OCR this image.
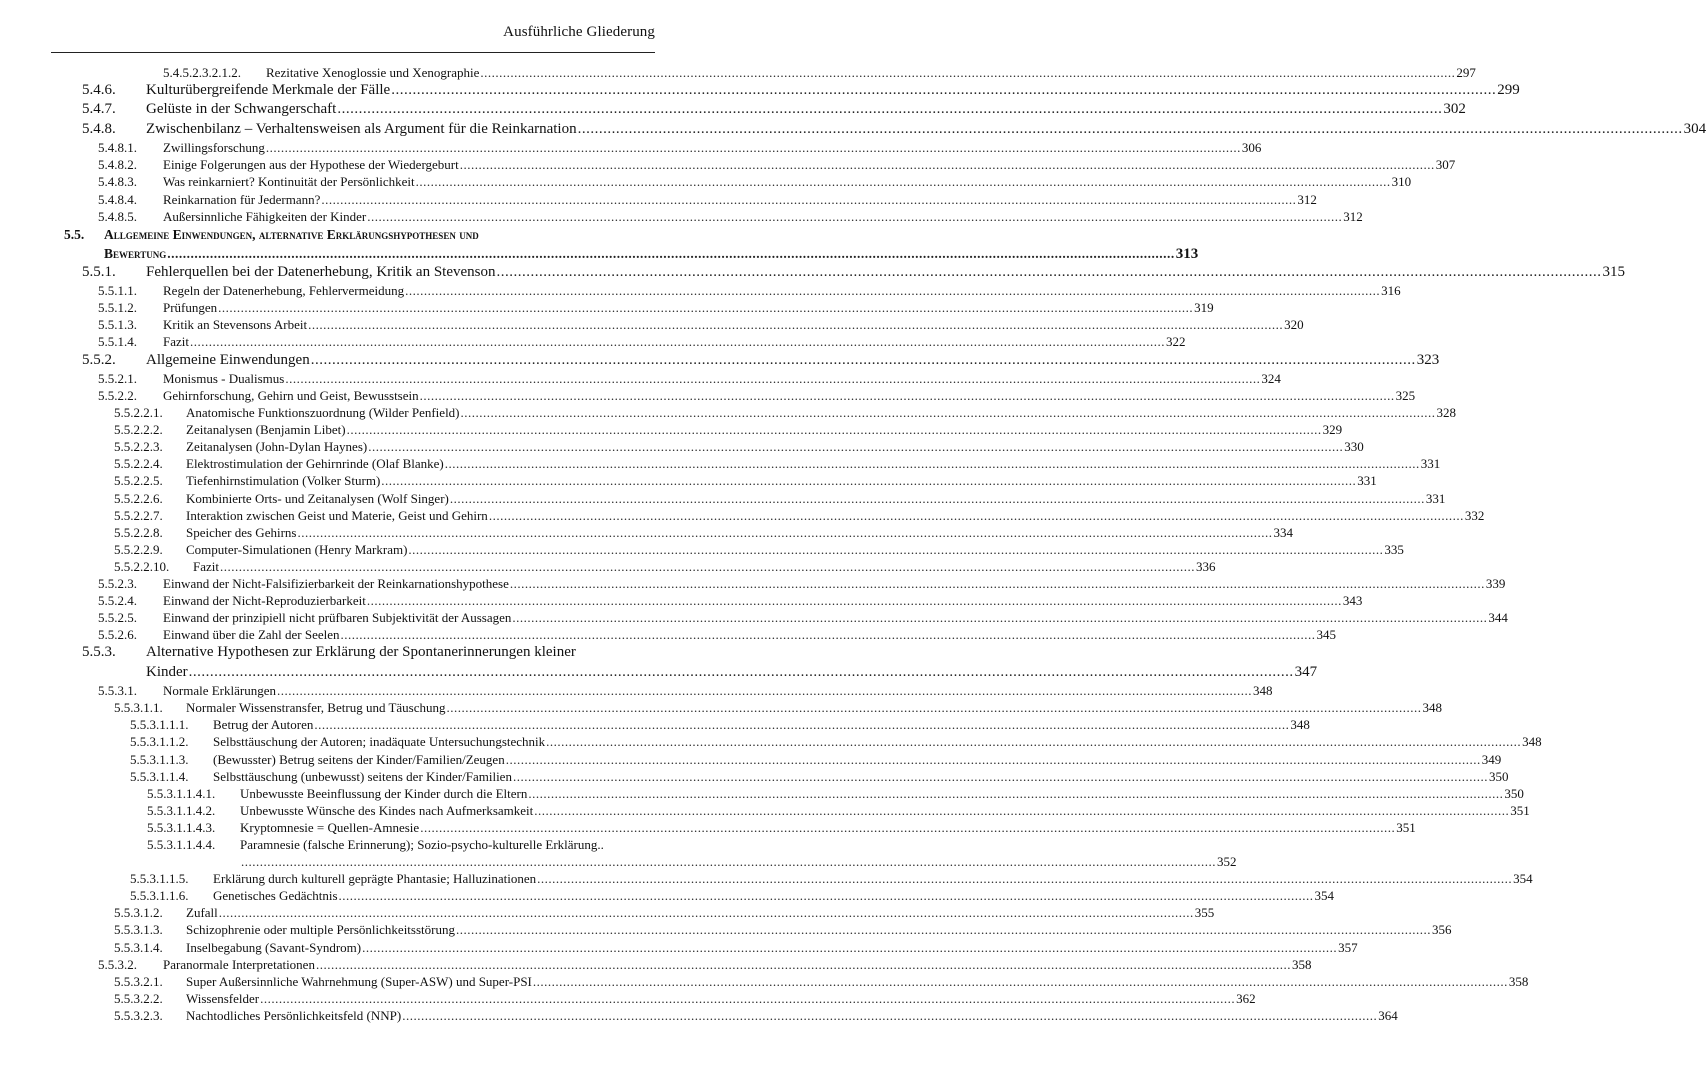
Ausführliche Gliederung
5.4.5.2.3.2.1.2. Rezitative Xenoglossie und Xenographie .................................................................................................................................................................................................................................................................... 297
5.4.6. Kulturübergreifende Merkmale der Fälle .................................................................................................................................................................................................................................................................... 299
5.4.7. Gelüste in der Schwangerschaft .................................................................................................................................................................................................................................................................... 302
5.4.8. Zwischenbilanz – Verhaltensweisen als Argument für die Reinkarnation .................................................................................................................................................................................................................................................................... 304
5.4.8.1. Zwillingsforschung .................................................................................................................................................................................................................................................................... 306
5.4.8.2. Einige Folgerungen aus der Hypothese der Wiedergeburt .................................................................................................................................................................................................................................................................... 307
5.4.8.3. Was reinkarniert? Kontinuität der Persönlichkeit .................................................................................................................................................................................................................................................................... 310
5.4.8.4. Reinkarnation für Jedermann? .................................................................................................................................................................................................................................................................... 312
5.4.8.5. Außersinnliche Fähigkeiten der Kinder .................................................................................................................................................................................................................................................................... 312
5.5. Allgemeine Einwendungen, alternative Erklärungshypothesen und
Bewertung .................................................................................................................................................................................................................................................................... 313
5.5.1. Fehlerquellen bei der Datenerhebung, Kritik an Stevenson .................................................................................................................................................................................................................................................................... 315
5.5.1.1. Regeln der Datenerhebung, Fehlervermeidung .................................................................................................................................................................................................................................................................... 316
5.5.1.2. Prüfungen .................................................................................................................................................................................................................................................................... 319
5.5.1.3. Kritik an Stevensons Arbeit .................................................................................................................................................................................................................................................................... 320
5.5.1.4. Fazit .................................................................................................................................................................................................................................................................... 322
5.5.2. Allgemeine Einwendungen .................................................................................................................................................................................................................................................................... 323
5.5.2.1. Monismus - Dualismus .................................................................................................................................................................................................................................................................... 324
5.5.2.2. Gehirnforschung, Gehirn und Geist, Bewusstsein .................................................................................................................................................................................................................................................................... 325
5.5.2.2.1. Anatomische Funktionszuordnung (Wilder Penfield) .................................................................................................................................................................................................................................................................... 328
5.5.2.2.2. Zeitanalysen (Benjamin Libet) .................................................................................................................................................................................................................................................................... 329
5.5.2.2.3. Zeitanalysen (John-Dylan Haynes) .................................................................................................................................................................................................................................................................... 330
5.5.2.2.4. Elektrostimulation der Gehirnrinde (Olaf Blanke) .................................................................................................................................................................................................................................................................... 331
5.5.2.2.5. Tiefenhirnstimulation (Volker Sturm) .................................................................................................................................................................................................................................................................... 331
5.5.2.2.6. Kombinierte Orts- und Zeitanalysen (Wolf Singer) .................................................................................................................................................................................................................................................................... 331
5.5.2.2.7. Interaktion zwischen Geist und Materie, Geist und Gehirn .................................................................................................................................................................................................................................................................... 332
5.5.2.2.8. Speicher des Gehirns .................................................................................................................................................................................................................................................................... 334
5.5.2.2.9. Computer-Simulationen (Henry Markram) .................................................................................................................................................................................................................................................................... 335
5.5.2.2.10. Fazit .................................................................................................................................................................................................................................................................... 336
5.5.2.3. Einwand der Nicht-Falsifizierbarkeit der Reinkarnationshypothese .................................................................................................................................................................................................................................................................... 339
5.5.2.4. Einwand der Nicht-Reproduzierbarkeit .................................................................................................................................................................................................................................................................... 343
5.5.2.5. Einwand der prinzipiell nicht prüfbaren Subjektivität der Aussagen .................................................................................................................................................................................................................................................................... 344
5.5.2.6. Einwand über die Zahl der Seelen .................................................................................................................................................................................................................................................................... 345
5.5.3. Alternative Hypothesen zur Erklärung der Spontanerinnerungen kleiner
Kinder .................................................................................................................................................................................................................................................................... 347
5.5.3.1. Normale Erklärungen .................................................................................................................................................................................................................................................................... 348
5.5.3.1.1. Normaler Wissenstransfer, Betrug und Täuschung .................................................................................................................................................................................................................................................................... 348
5.5.3.1.1.1. Betrug der Autoren .................................................................................................................................................................................................................................................................... 348
5.5.3.1.1.2. Selbsttäuschung der Autoren; inadäquate Untersuchungstechnik .................................................................................................................................................................................................................................................................... 348
5.5.3.1.1.3. (Bewusster) Betrug seitens der Kinder/Familien/Zeugen .................................................................................................................................................................................................................................................................... 349
5.5.3.1.1.4. Selbsttäuschung (unbewusst) seitens der Kinder/Familien .................................................................................................................................................................................................................................................................... 350
5.5.3.1.1.4.1. Unbewusste Beeinflussung der Kinder durch die Eltern .................................................................................................................................................................................................................................................................... 350
5.5.3.1.1.4.2. Unbewusste Wünsche des Kindes nach Aufmerksamkeit .................................................................................................................................................................................................................................................................... 351
5.5.3.1.1.4.3. Kryptomnesie = Quellen-Amnesie .................................................................................................................................................................................................................................................................... 351
5.5.3.1.1.4.4. Paramnesie (falsche Erinnerung); Sozio-psycho-kulturelle Erklärung..
.................................................................................................................................................................................................................................................................... 352
5.5.3.1.1.5. Erklärung durch kulturell geprägte Phantasie; Halluzinationen .................................................................................................................................................................................................................................................................... 354
5.5.3.1.1.6. Genetisches Gedächtnis .................................................................................................................................................................................................................................................................... 354
5.5.3.1.2. Zufall .................................................................................................................................................................................................................................................................... 355
5.5.3.1.3. Schizophrenie oder multiple Persönlichkeitsstörung .................................................................................................................................................................................................................................................................... 356
5.5.3.1.4. Inselbegabung (Savant-Syndrom) .................................................................................................................................................................................................................................................................... 357
5.5.3.2. Paranormale Interpretationen .................................................................................................................................................................................................................................................................... 358
5.5.3.2.1. Super Außersinnliche Wahrnehmung (Super-ASW) und Super-PSI .................................................................................................................................................................................................................................................................... 358
5.5.3.2.2. Wissensfelder .................................................................................................................................................................................................................................................................... 362
5.5.3.2.3. Nachtodliches Persönlichkeitsfeld (NNP) .................................................................................................................................................................................................................................................................... 364
